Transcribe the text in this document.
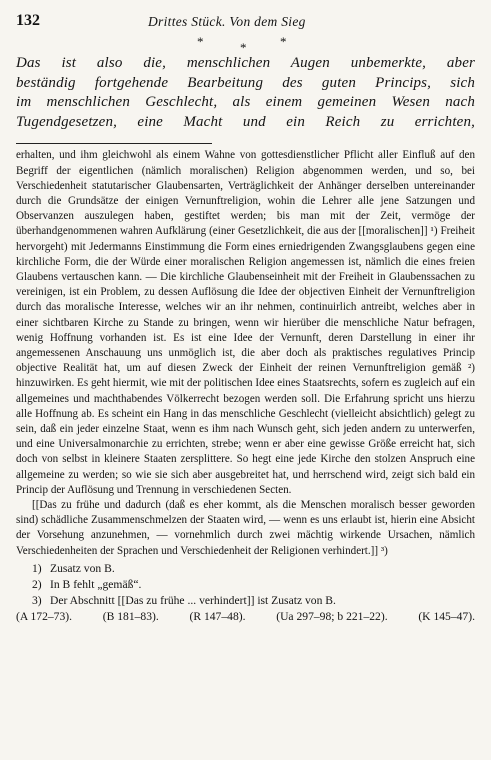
132	Drittes Stück. Von dem Sieg
*	*	*
Das ist also die, menschlichen Augen unbemerkte, aber
beständig fortgehende Bearbeitung des guten Princips, sich
im menschlichen Geschlecht, als einem gemeinen Wesen nach
Tugendgesetzen, eine Macht und ein Reich zu errichten,

erhalten, und ihm gleichwohl als einem Wahne von gottesdienstlicher Pflicht aller Einfluß auf den Begriff der eigentlichen (nämlich moralischen) Religion abgenommen werden, und so, bei Verschiedenheit statutarischer Glaubensarten, Verträglichkeit der Anhänger derselben untereinander durch die Grundsätze der einigen Vernunftreligion, wohin die Lehrer alle jene Satzungen und Observanzen auszulegen haben, gestiftet werden; bis man mit der Zeit, vermöge der überhandgenommenen wahren Aufklärung (einer Gesetzlichkeit, die aus der [[moralischen]] ¹) Freiheit hervorgeht) mit Jedermanns Einstimmung die Form eines erniedrigenden Zwangsglaubens gegen eine kirchliche Form, die der Würde einer moralischen Religion angemessen ist, nämlich die eines freien Glaubens vertauschen kann. — Die kirchliche Glaubenseinheit mit der Freiheit in Glaubenssachen zu vereinigen, ist ein Problem, zu dessen Auflösung die Idee der objectiven Einheit der Vernunftreligion durch das moralische Interesse, welches wir an ihr nehmen, continuirlich antreibt, welches aber in einer sichtbaren Kirche zu Stande zu bringen, wenn wir hierüber die menschliche Natur befragen, wenig Hoffnung vorhanden ist. Es ist eine Idee der Vernunft, deren Darstellung in einer ihr angemessenen Anschauung uns unmöglich ist, die aber doch als praktisches regulatives Princip objective Realität hat, um auf diesen Zweck der Einheit der reinen Vernunftreligion gemäß ²) hinzuwirken. Es geht hiermit, wie mit der politischen Idee eines Staatsrechts, sofern es zugleich auf ein allgemeines und machthabendes Völkerrecht bezogen werden soll. Die Erfahrung spricht uns hierzu alle Hoffnung ab. Es scheint ein Hang in das menschliche Geschlecht (vielleicht absichtlich) gelegt zu sein, daß ein jeder einzelne Staat, wenn es ihm nach Wunsch geht, sich jeden andern zu unterwerfen, und eine Universalmonarchie zu errichten, strebe; wenn er aber eine gewisse Größe erreicht hat, sich doch von selbst in kleinere Staaten zersplittere. So hegt eine jede Kirche den stolzen Anspruch eine allgemeine zu werden; so wie sie sich aber ausgebreitet hat, und herrschend wird, zeigt sich bald ein Princip der Auflösung und Trennung in verschiedenen Secten.

[[Das zu frühe und dadurch (daß es eher kommt, als die Menschen moralisch besser geworden sind) schädliche Zusammenschmelzen der Staaten wird, — wenn es uns erlaubt ist, hierin eine Absicht der Vorsehung anzunehmen, — vornehmlich durch zwei mächtig wirkende Ursachen, nämlich Verschiedenheiten der Sprachen und Verschiedenheit der Religionen verhindert.]] ³)

1) Zusatz von B.
2) In B fehlt „gemäß“.
3) Der Abschnitt [[Das zu frühe ... verhindert]] ist Zusatz von B.
(A 172–73).	(B 181–83).	(R 147–48).	(Ua 297–98; b 221–22).	(K 145–47).
